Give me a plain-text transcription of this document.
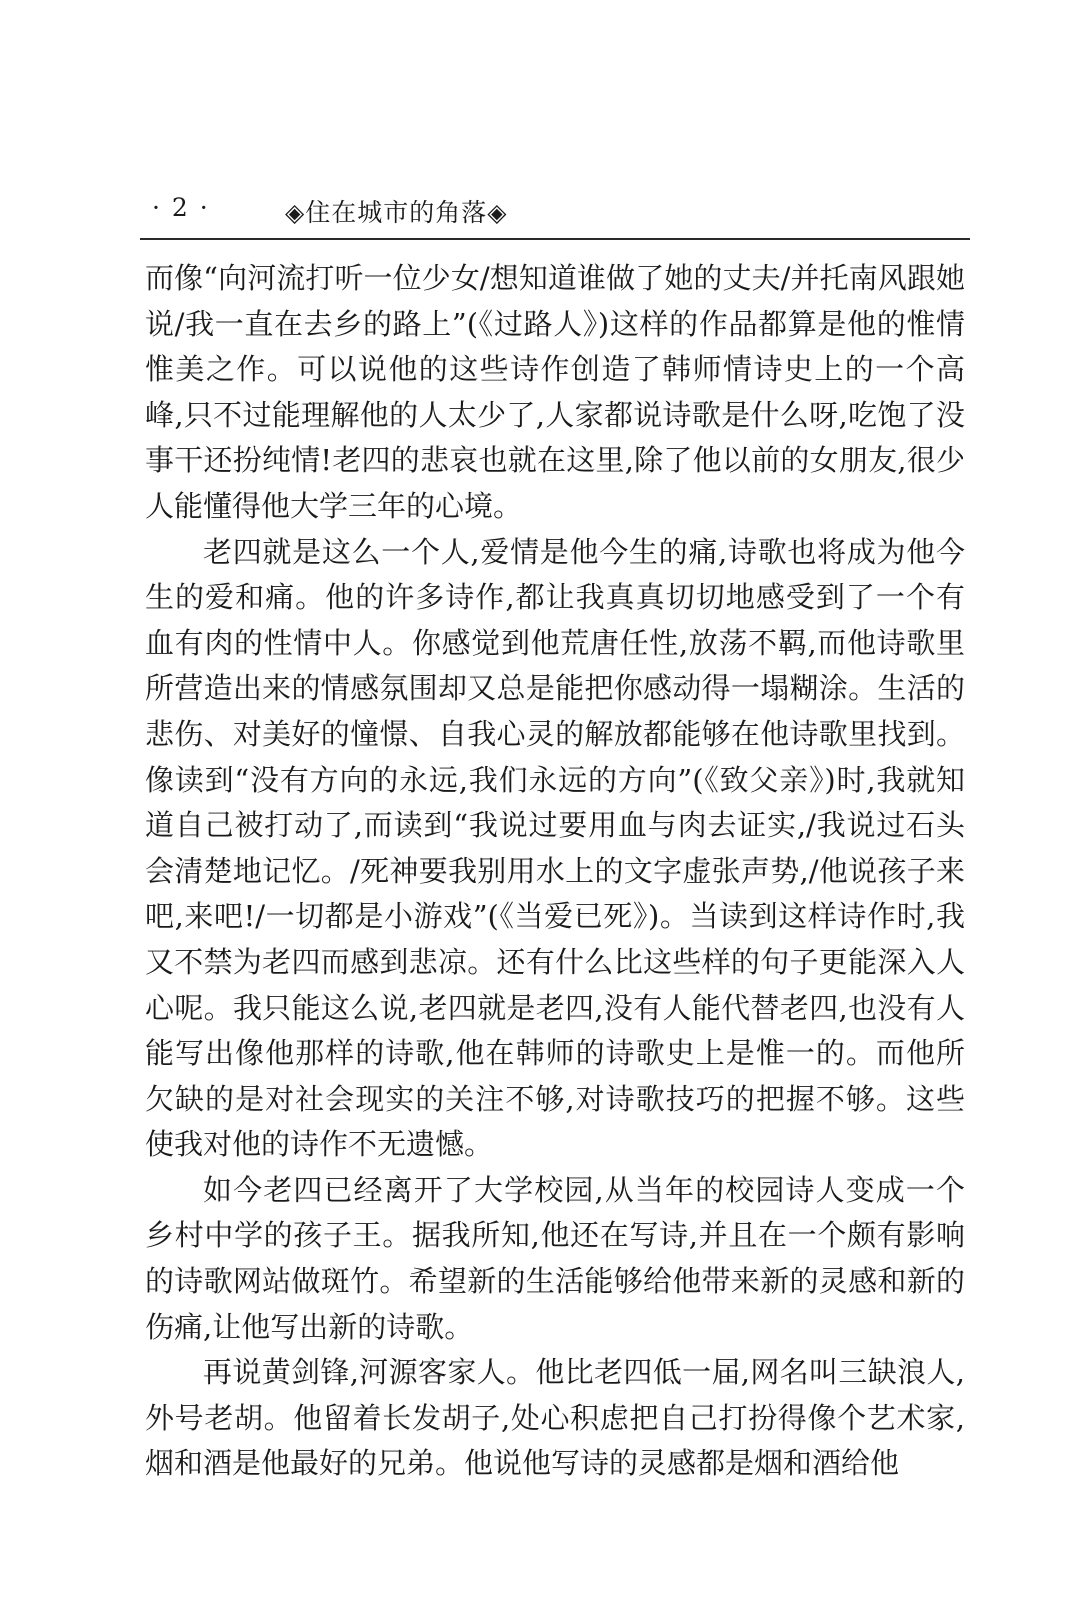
· 2 ·	◈住在城市的角落◈

而像“向河流打听一位少女/想知道谁做了她的丈夫/并托南风跟她说/我一直在去乡的路上”(《过路人》)这样的作品都算是他的惟情惟美之作。可以说他的这些诗作创造了韩师情诗史上的一个高峰,只不过能理解他的人太少了,人家都说诗歌是什么呀,吃饱了没事干还扮纯情!老四的悲哀也就在这里,除了他以前的女朋友,很少人能懂得他大学三年的心境。

老四就是这么一个人,爱情是他今生的痛,诗歌也将成为他今生的爱和痛。他的许多诗作,都让我真真切切地感受到了一个有血有肉的性情中人。你感觉到他荒唐任性,放荡不羁,而他诗歌里所营造出来的情感氛围却又总是能把你感动得一塌糊涂。生活的悲伤、对美好的憧憬、自我心灵的解放都能够在他诗歌里找到。像读到“没有方向的永远,我们永远的方向”(《致父亲》)时,我就知道自己被打动了,而读到“我说过要用血与肉去证实,/我说过石头会清楚地记忆。/死神要我别用水上的文字虚张声势,/他说孩子来吧,来吧!/一切都是小游戏”(《当爱已死》)。当读到这样诗作时,我又不禁为老四而感到悲凉。还有什么比这些样的句子更能深入人心呢。我只能这么说,老四就是老四,没有人能代替老四,也没有人能写出像他那样的诗歌,他在韩师的诗歌史上是惟一的。而他所欠缺的是对社会现实的关注不够,对诗歌技巧的把握不够。这些使我对他的诗作不无遗憾。

如今老四已经离开了大学校园,从当年的校园诗人变成一个乡村中学的孩子王。据我所知,他还在写诗,并且在一个颇有影响的诗歌网站做斑竹。希望新的生活能够给他带来新的灵感和新的伤痛,让他写出新的诗歌。

再说黄剑锋,河源客家人。他比老四低一届,网名叫三缺浪人,外号老胡。他留着长发胡子,处心积虑把自己打扮得像个艺术家,烟和酒是他最好的兄弟。他说他写诗的灵感都是烟和酒给他
